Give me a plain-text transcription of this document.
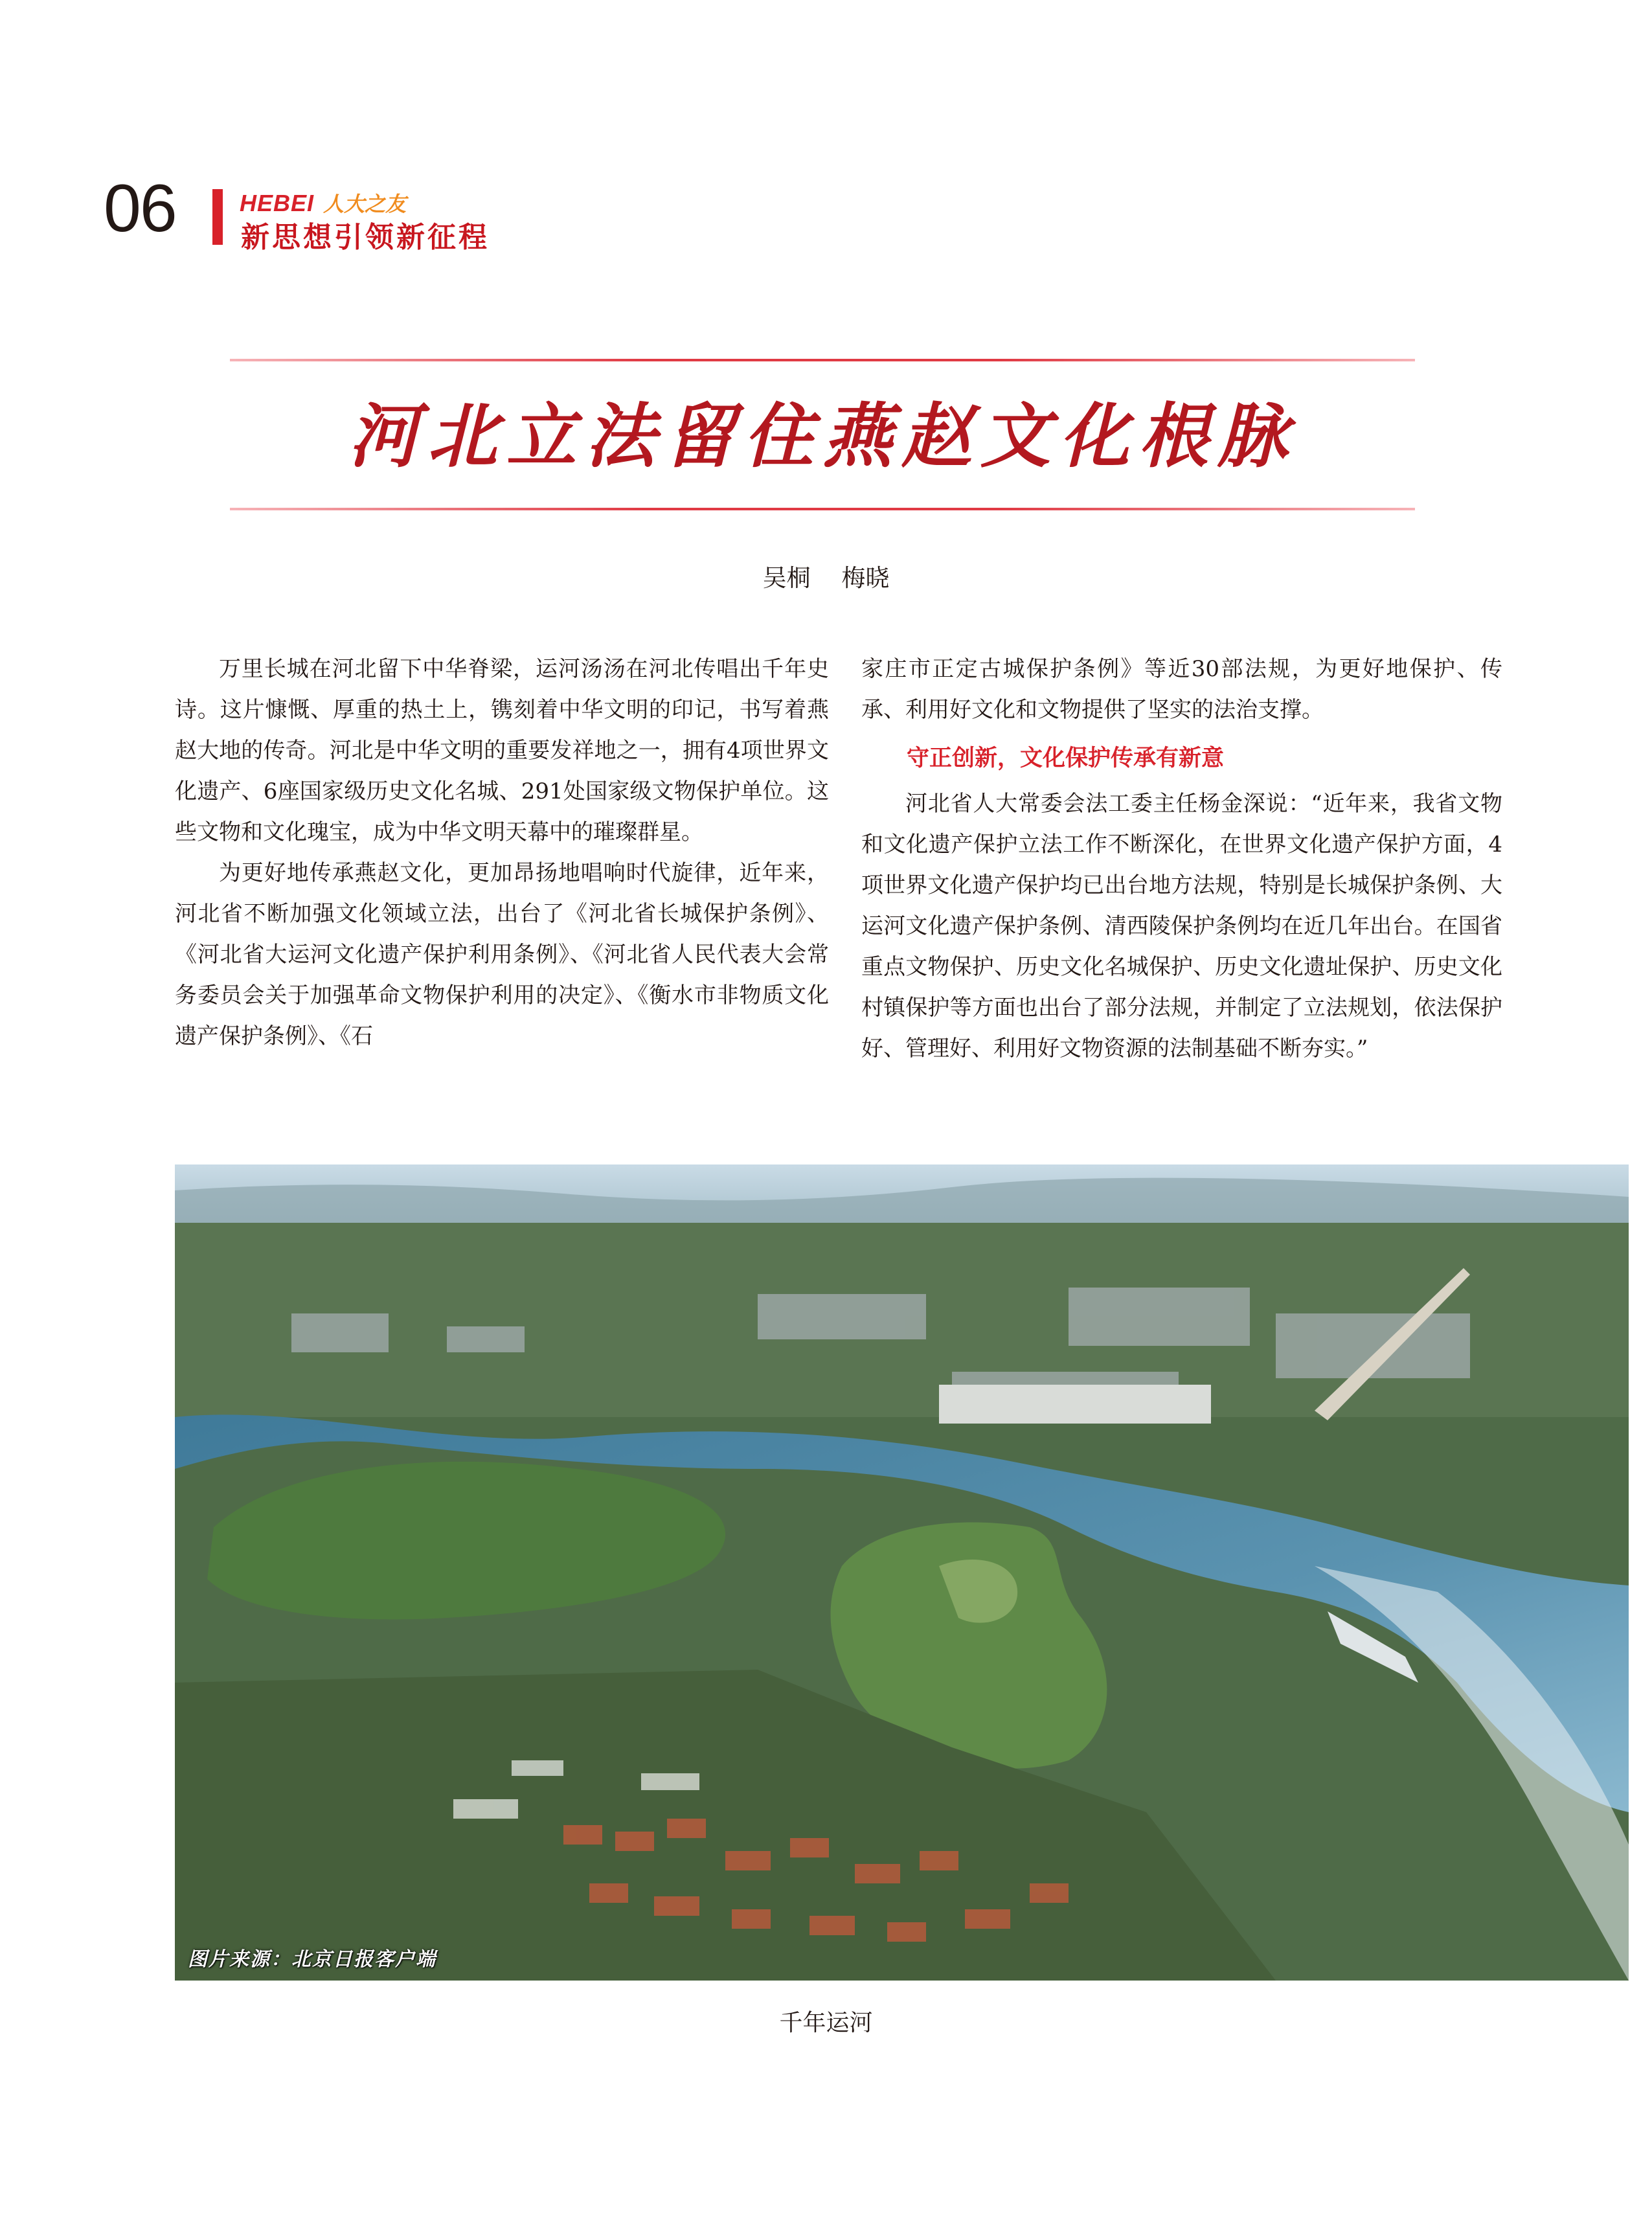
06	HEBEI 人大之友
新思想引领新征程
河北立法留住燕赵文化根脉
吴桐 梅晓

万里长城在河北留下中华脊梁，运河汤汤在河北传唱出千年史诗。这片慷慨、厚重的热土上，镌刻着中华文明的印记，书写着燕赵大地的传奇。河北是中华文明的重要发祥地之一，拥有4项世界文化遗产、6座国家级历史文化名城、291处国家级文物保护单位。这些文物和文化瑰宝，成为中华文明天幕中的璀璨群星。

为更好地传承燕赵文化，更加昂扬地唱响时代旋律，近年来，河北省不断加强文化领域立法，出台了《河北省长城保护条例》、《河北省大运河文化遗产保护利用条例》、《河北省人民代表大会常务委员会关于加强革命文物保护利用的决定》、《衡水市非物质文化遗产保护条例》、《石

家庄市正定古城保护条例》等近30部法规，为更好地保护、传承、利用好文化和文物提供了坚实的法治支撑。

守正创新，文化保护传承有新意

河北省人大常委会法工委主任杨金深说：“近年来，我省文物和文化遗产保护立法工作不断深化，在世界文化遗产保护方面，4项世界文化遗产保护均已出台地方法规，特别是长城保护条例、大运河文化遗产保护条例、清西陵保护条例均在近几年出台。在国省重点文物保护、历史文化名城保护、历史文化遗址保护、历史文化村镇保护等方面也出台了部分法规，并制定了立法规划，依法保护好、管理好、利用好文物资源的法制基础不断夯实。”

图片来源：北京日报客户端
千年运河
